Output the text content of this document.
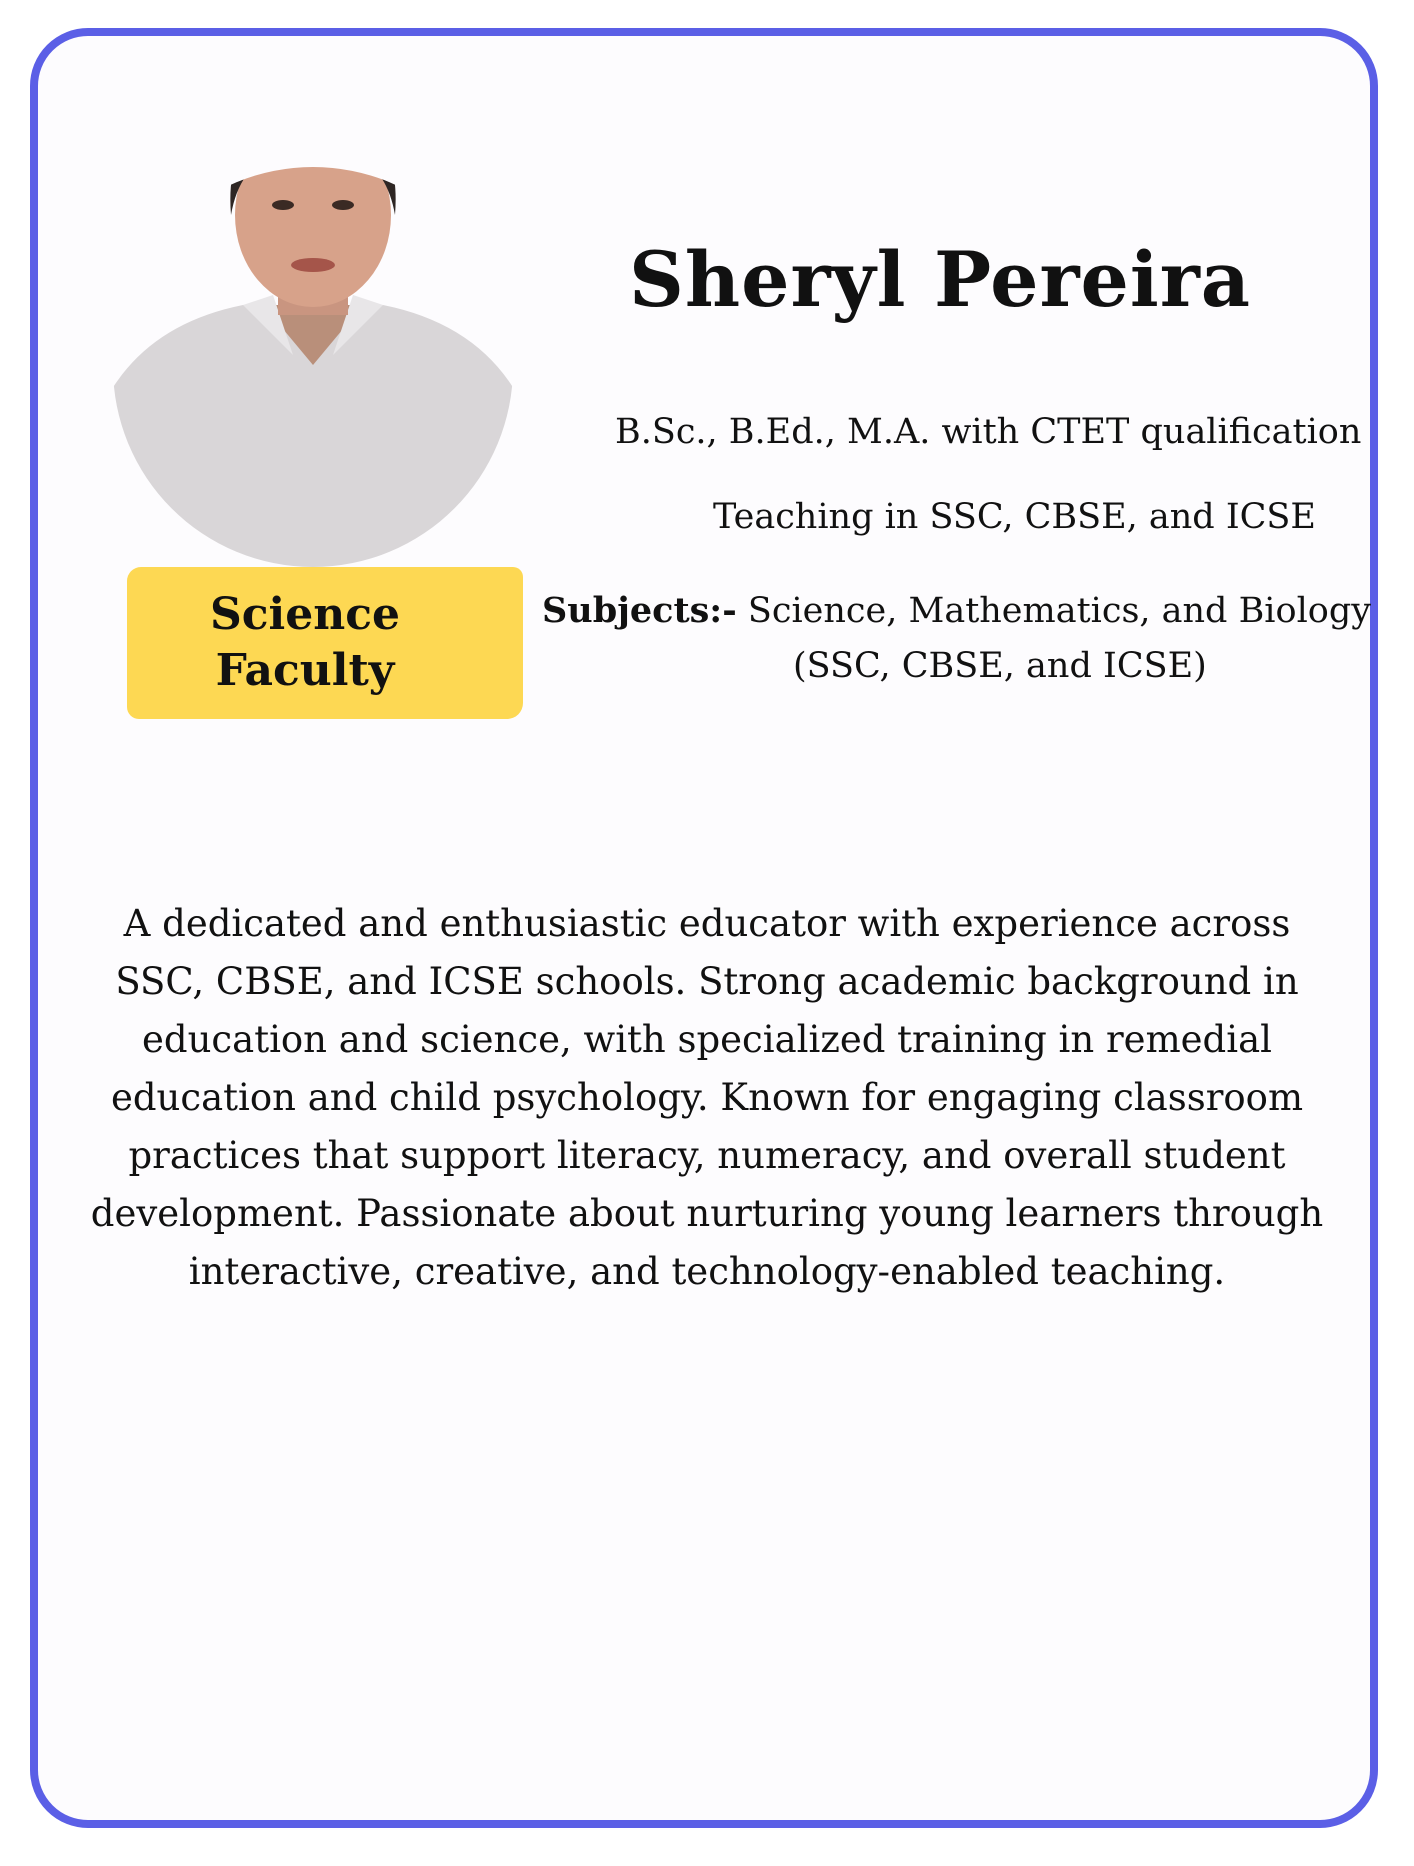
Science
Faculty
Sheryl Pereira
B.Sc., B.Ed., M.A. with CTET qualification
Teaching in SSC, CBSE, and ICSE
Subjects:- Science, Mathematics, and Biology
(SSC, CBSE, and ICSE)
A dedicated and enthusiastic educator with experience across SSC, CBSE, and ICSE schools. Strong academic background in education and science, with specialized training in remedial education and child psychology. Known for engaging classroom practices that support literacy, numeracy, and overall student development. Passionate about nurturing young learners through interactive, creative, and technology-enabled teaching.
